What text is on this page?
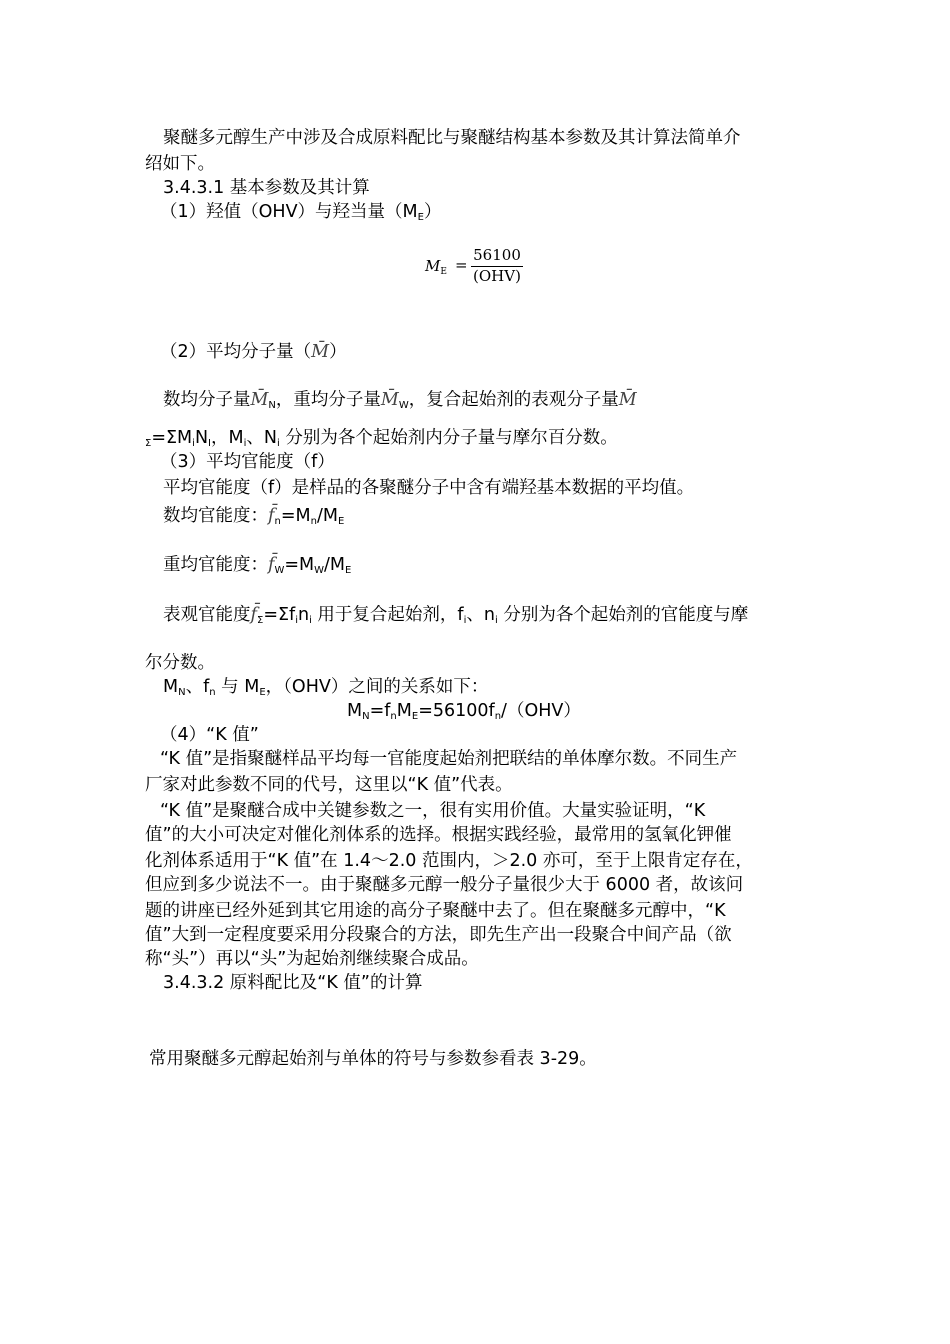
聚醚多元醇生产中涉及合成原料配比与聚醚结构基本参数及其计算法简单介

绍如下。

3.4.3.1 基本参数及其计算

（1）羟值（OHV）与羟当量$(M_E)$

$M_E$ =
56100
(OHV)

（2）平均分子量（M̄）

数均分子量$M̄_N$，重均分子量$M̄_W$，复合起始剂的表观分子量M̄

$_\Sigma=\Sigma M_iN_I$，$M_i$、$N_i$ 分别为各个起始剂内分子量与摩尔百分数。

（3）平均官能度（f）

平均官能度（f）是样品的各聚醚分子中含有端羟基本数据的平均值。

数均官能度：$f̄_n=M_n/M_E$

重均官能度：$f̄_W=M_W/M_E$

表观官能度$f̄_\Sigma=\Sigma f_in_i$ 用于复合起始剂，$f_i$、$n_i$ 分别为各个起始剂的官能度与摩

尔分数。

$M_N$、$f_n$ 与 $M_E$，（OHV）之间的关系如下：

$M_N=f_nM_E=56100f_n/(OHV)$

（4）“K 值”

“K 值”是指聚醚样品平均每一官能度起始剂把联结的单体摩尔数。不同生产

厂家对此参数不同的代号，这里以“K 值”代表。

“K 值”是聚醚合成中关键参数之一，很有实用价值。大量实验证明，“K

值”的大小可决定对催化剂体系的选择。根据实践经验，最常用的氢氧化钾催

化剂体系适用于“K 值”在 1.4～2.0 范围内，＞2.0 亦可，至于上限肯定存在，

但应到多少说法不一。由于聚醚多元醇一般分子量很少大于 6000 者，故该问

题的讲座已经外延到其它用途的高分子聚醚中去了。但在聚醚多元醇中，“K

值”大到一定程度要采用分段聚合的方法，即先生产出一段聚合中间产品（欲

称“头”）再以“头”为起始剂继续聚合成品。

3.4.3.2 原料配比及“K 值”的计算

常用聚醚多元醇起始剂与单体的符号与参数参看表 3-29。
